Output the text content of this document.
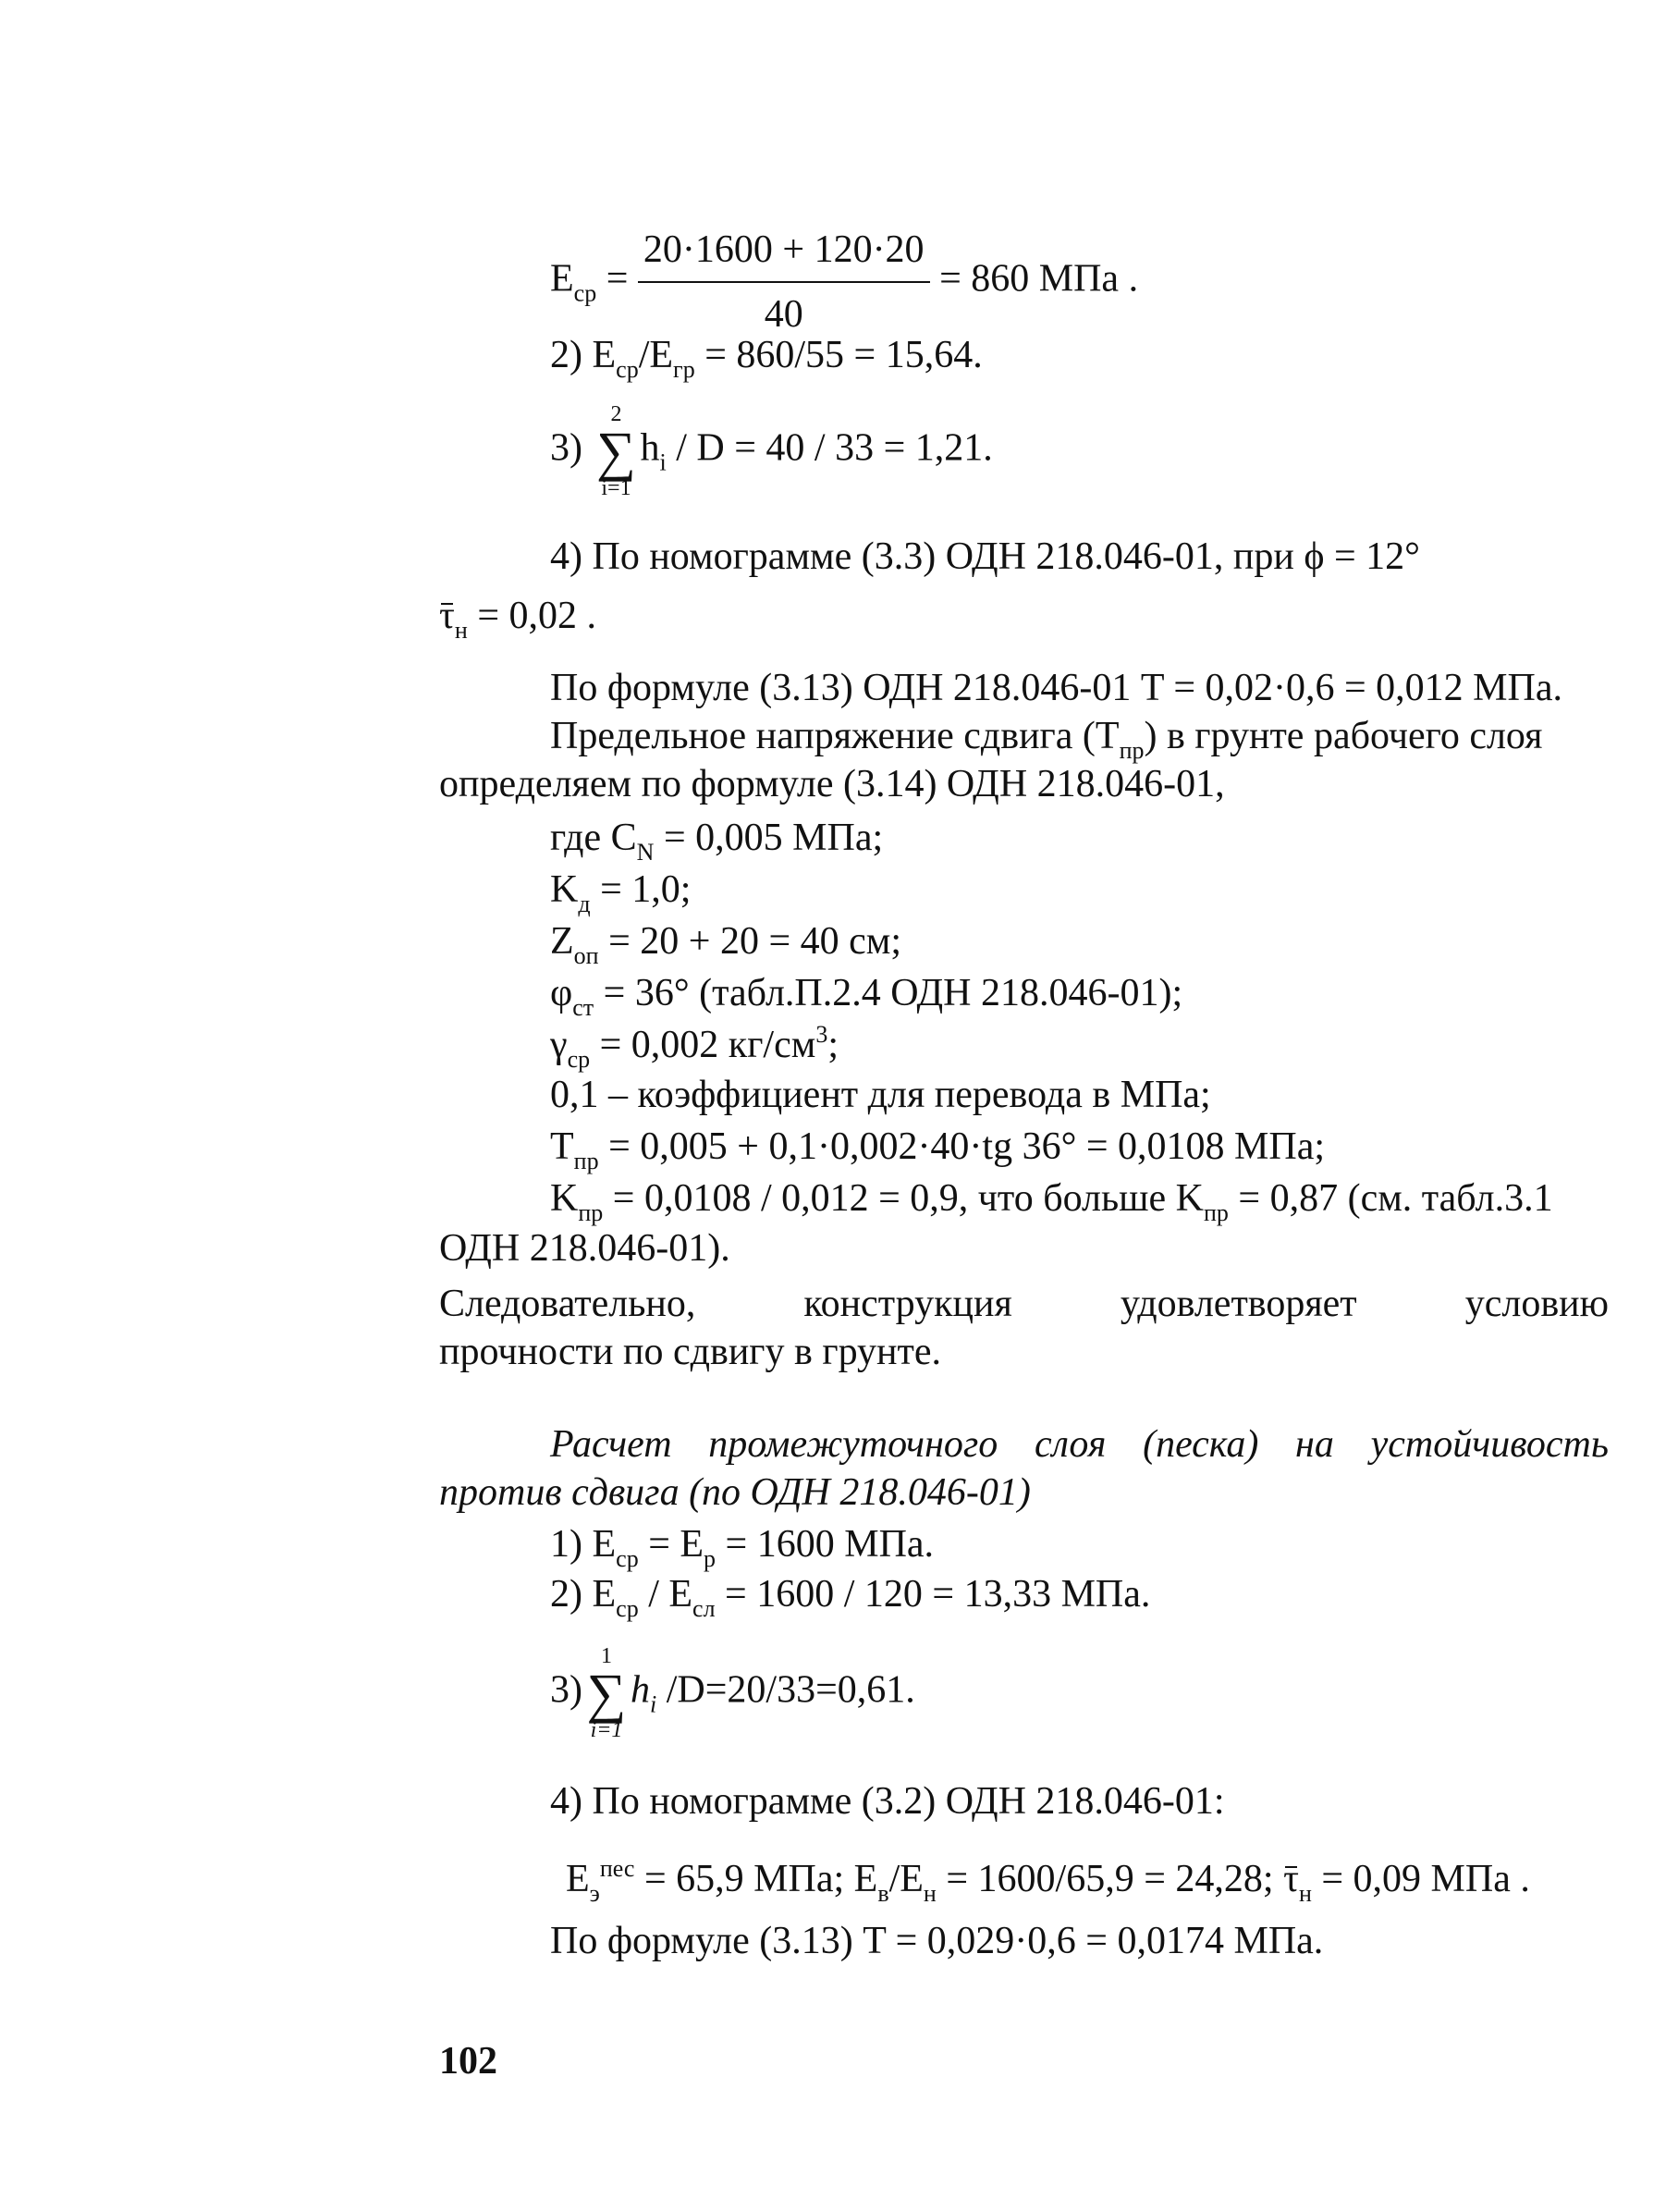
$E_{ср} = \frac{20\cdot 1600 + 120\cdot 20}{40} = 860$ МПа .
2) $E_{ср}/E_{гр} = 860/55 = 15,64$.
3)
2
∑
i=1
$h_i / D = 40 / 33 = 1,21$.
4) По номограмме (3.3) ОДН 218.046-01, при ϕ = 12°
$\tau_н = 0,02$ .
По формуле (3.13) ОДН 218.046-01 T = 0,02·0,6 = 0,012 МПа.
Предельное напряжение сдвига $(T_{пр})$ в грунте рабочего слоя
определяем по формуле (3.14) ОДН 218.046-01,
где $C_N = 0,005$ МПа;
$K_д = 1,0$;
$Z_{оп} = 20 + 20 = 40$ см;
$\varphi_{ст} = 36^\circ$ (табл.П.2.4 ОДН 218.046-01);
$\gamma_{ср} = 0,002$ $кг/см^3$;
0,1 – коэффициент для перевода в МПа;
$T_{пр} = 0,005 + 0,1\cdot 0,002\cdot 40\cdot tg$ 36° = 0,0108 МПа;
$K_{пр} = 0,0108 / 0,012 = 0,9$, что больше $K_{пр} = 0,87$ (см. табл.3.1
ОДН 218.046-01).
Следовательно, конструкция удовлетворяет условию
прочности по сдвигу в грунте.
Расчет промежуточного слоя (песка) на устойчивость
против сдвига (по ОДН 218.046-01)
1) $E_{ср} = E_р = 1600$ МПа.
2) $E_{ср} / E_{сл} = 1600 / 120 = 13,33$ МПа.
3)
1
∑
i=1
$h_i$ /D=20/33=0,61.
4) По номограмме (3.2) ОДН 218.046-01:
$E_э^{пес} = 65,9$ МПа; $E_в/E_н = 1600/65,9 = 24,28$; $\tau_н = 0,09$ МПа .
По формуле (3.13) T = 0,029·0,6 = 0,0174 МПа.
102
